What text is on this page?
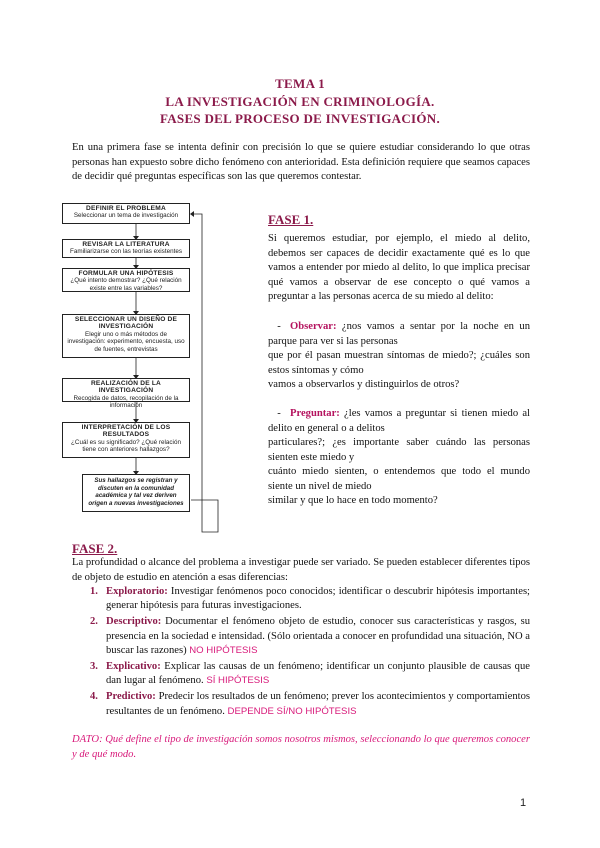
TEMA 1
LA INVESTIGACIÓN EN CRIMINOLOGÍA.
FASES DEL PROCESO DE INVESTIGACIÓN.
En una primera fase se intenta definir con precisión lo que se quiere estudiar considerando lo que otras personas han expuesto sobre dicho fenómeno con anterioridad. Esta definición requiere que seamos capaces de decidir qué preguntas específicas son las que queremos contestar.
DEFINIR EL PROBLEMA
Seleccionar un tema de investigación
REVISAR LA LITERATURA
Familiarizarse con las teorías existentes
FORMULAR UNA HIPÓTESIS
¿Qué intento demostrar? ¿Qué relación existe entre las variables?
SELECCIONAR UN DISEÑO DE INVESTIGACIÓN
Elegir uno o más métodos de investigación: experimento, encuesta, uso de fuentes, entrevistas
REALIZACIÓN DE LA INVESTIGACIÓN
Recogida de datos, recopilación de la información
INTERPRETACIÓN DE LOS RESULTADOS
¿Cuál es su significado? ¿Qué relación tiene con anteriores hallazgos?
Sus hallazgos se registran y discuten en la comunidad académica y tal vez deriven origen a nuevas investigaciones
FASE 1.
Si queremos estudiar, por ejemplo, el miedo al delito, debemos ser capaces de decidir exactamente qué es lo que vamos a entender por miedo al delito, lo que implica precisar qué vamos a observar de ese concepto o qué vamos a preguntar a las personas acerca de su miedo al delito:
- Observar: ¿nos vamos a sentar por la noche en un parque para ver si las personas
que por él pasan muestran síntomas de miedo?; ¿cuáles son estos síntomas y cómo
vamos a observarlos y distinguirlos de otros?
- Preguntar: ¿les vamos a preguntar si tienen miedo al delito en general o a delitos
particulares?; ¿es importante saber cuándo las personas sienten este miedo y
cuánto miedo sienten, o entendemos que todo el mundo siente un nivel de miedo
similar y que lo hace en todo momento?
FASE 2.
La profundidad o alcance del problema a investigar puede ser variado. Se pueden establecer diferentes tipos de objeto de estudio en atención a esas diferencias:
1. Exploratorio: Investigar fenómenos poco conocidos; identificar o descubrir hipótesis importantes; generar hipótesis para futuras investigaciones.
2. Descriptivo: Documentar el fenómeno objeto de estudio, conocer sus características y rasgos, su presencia en la sociedad e intensidad. (Sólo orientada a conocer en profundidad una situación, NO a buscar las razones) NO HIPÓTESIS
3. Explicativo: Explicar las causas de un fenómeno; identificar un conjunto plausible de causas que dan lugar al fenómeno. SÍ HIPÓTESIS
4. Predictivo: Predecir los resultados de un fenómeno; prever los acontecimientos y comportamientos resultantes de un fenómeno. DEPENDE SÍ/NO HIPÓTESIS
DATO: Qué define el tipo de investigación somos nosotros mismos, seleccionando lo que queremos conocer y de qué modo.
1
